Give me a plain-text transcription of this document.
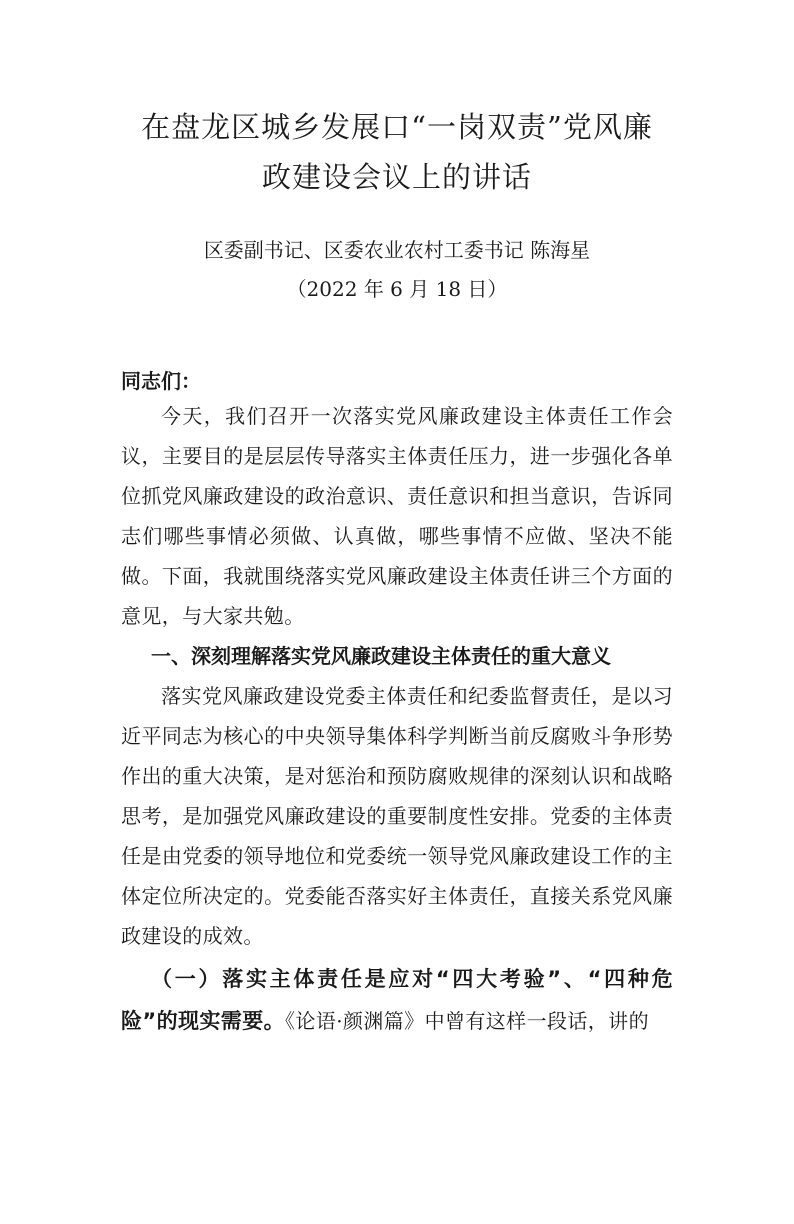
在盘龙区城乡发展口“一岗双责”党风廉
政建设会议上的讲话
区委副书记、区委农业农村工委书记 陈海星
（2022 年 6 月 18 日）
同志们：

今天，我们召开一次落实党风廉政建设主体责任工作会议，主要目的是层层传导落实主体责任压力，进一步强化各单位抓党风廉政建设的政治意识、责任意识和担当意识，告诉同志们哪些事情必须做、认真做，哪些事情不应做、坚决不能做。下面，我就围绕落实党风廉政建设主体责任讲三个方面的意见，与大家共勉。

一、深刻理解落实党风廉政建设主体责任的重大意义

落实党风廉政建设党委主体责任和纪委监督责任，是以习近平同志为核心的中央领导集体科学判断当前反腐败斗争形势作出的重大决策，是对惩治和预防腐败规律的深刻认识和战略思考，是加强党风廉政建设的重要制度性安排。党委的主体责任是由党委的领导地位和党委统一领导党风廉政建设工作的主体定位所决定的。党委能否落实好主体责任，直接关系党风廉政建设的成效。

（一）落实主体责任是应对“四大考验”、“四种危险”的现实需要。《论语·颜渊篇》中曾有这样一段话，讲的
